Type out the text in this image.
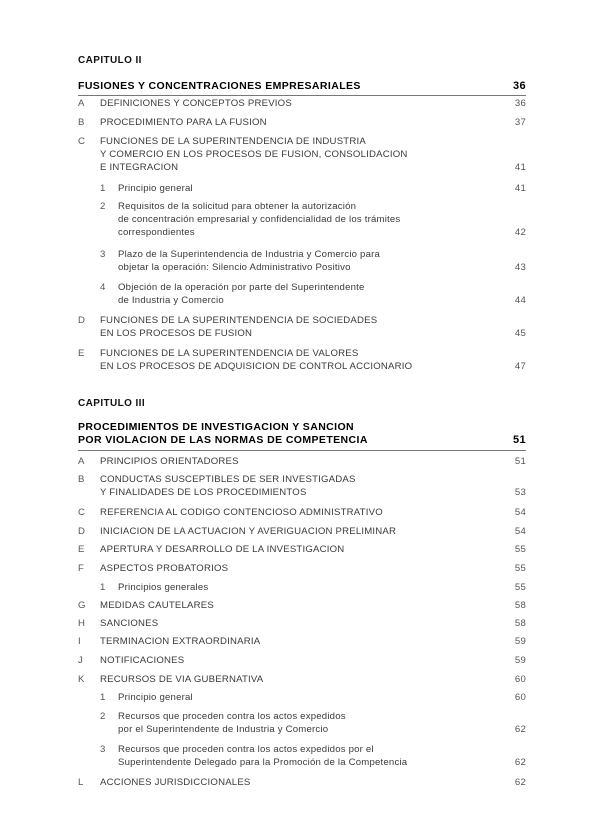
CAPITULO II
FUSIONES Y CONCENTRACIONES EMPRESARIALES	36
A	DEFINICIONES Y CONCEPTOS PREVIOS	36
B	PROCEDIMIENTO PARA LA FUSION	37
C	FUNCIONES DE LA SUPERINTENDENCIA DE INDUSTRIA
Y COMERCIO EN LOS PROCESOS DE FUSION, CONSOLIDACION
E INTEGRACION	41
1	Principio general	41
2	Requisitos de la solicitud para obtener la autorización
de concentración empresarial y confidencialidad de los trámites
correspondientes	42
3	Plazo de la Superintendencia de Industria y Comercio para
objetar la operación: Silencio Administrativo Positivo	43
4	Objeción de la operación por parte del Superintendente
de Industria y Comercio	44
D	FUNCIONES DE LA SUPERINTENDENCIA DE SOCIEDADES
EN LOS PROCESOS DE FUSION	45
E	FUNCIONES DE LA SUPERINTENDENCIA DE VALORES
EN LOS PROCESOS DE ADQUISICION DE CONTROL ACCIONARIO	47
CAPITULO III
PROCEDIMIENTOS DE INVESTIGACION Y SANCION
POR VIOLACION DE LAS NORMAS DE COMPETENCIA	51
A	PRINCIPIOS ORIENTADORES	51
B	CONDUCTAS SUSCEPTIBLES DE SER INVESTIGADAS
Y FINALIDADES DE LOS PROCEDIMIENTOS	53
C	REFERENCIA AL CODIGO CONTENCIOSO ADMINISTRATIVO	54
D	INICIACION DE LA ACTUACION Y AVERIGUACION PRELIMINAR	54
E	APERTURA Y DESARROLLO DE LA INVESTIGACION	55
F	ASPECTOS PROBATORIOS	55
1	Principios generales	55
G	MEDIDAS CAUTELARES	58
H	SANCIONES	58
I	TERMINACION EXTRAORDINARIA	59
J	NOTIFICACIONES	59
K	RECURSOS DE VIA GUBERNATIVA	60
1	Principio general	60
2	Recursos que proceden contra los actos expedidos
por el Superintendente de Industria y Comercio	62
3	Recursos que proceden contra los actos expedidos por el
Superintendente Delegado para la Promoción de la Competencia	62
L	ACCIONES JURISDICCIONALES	62
